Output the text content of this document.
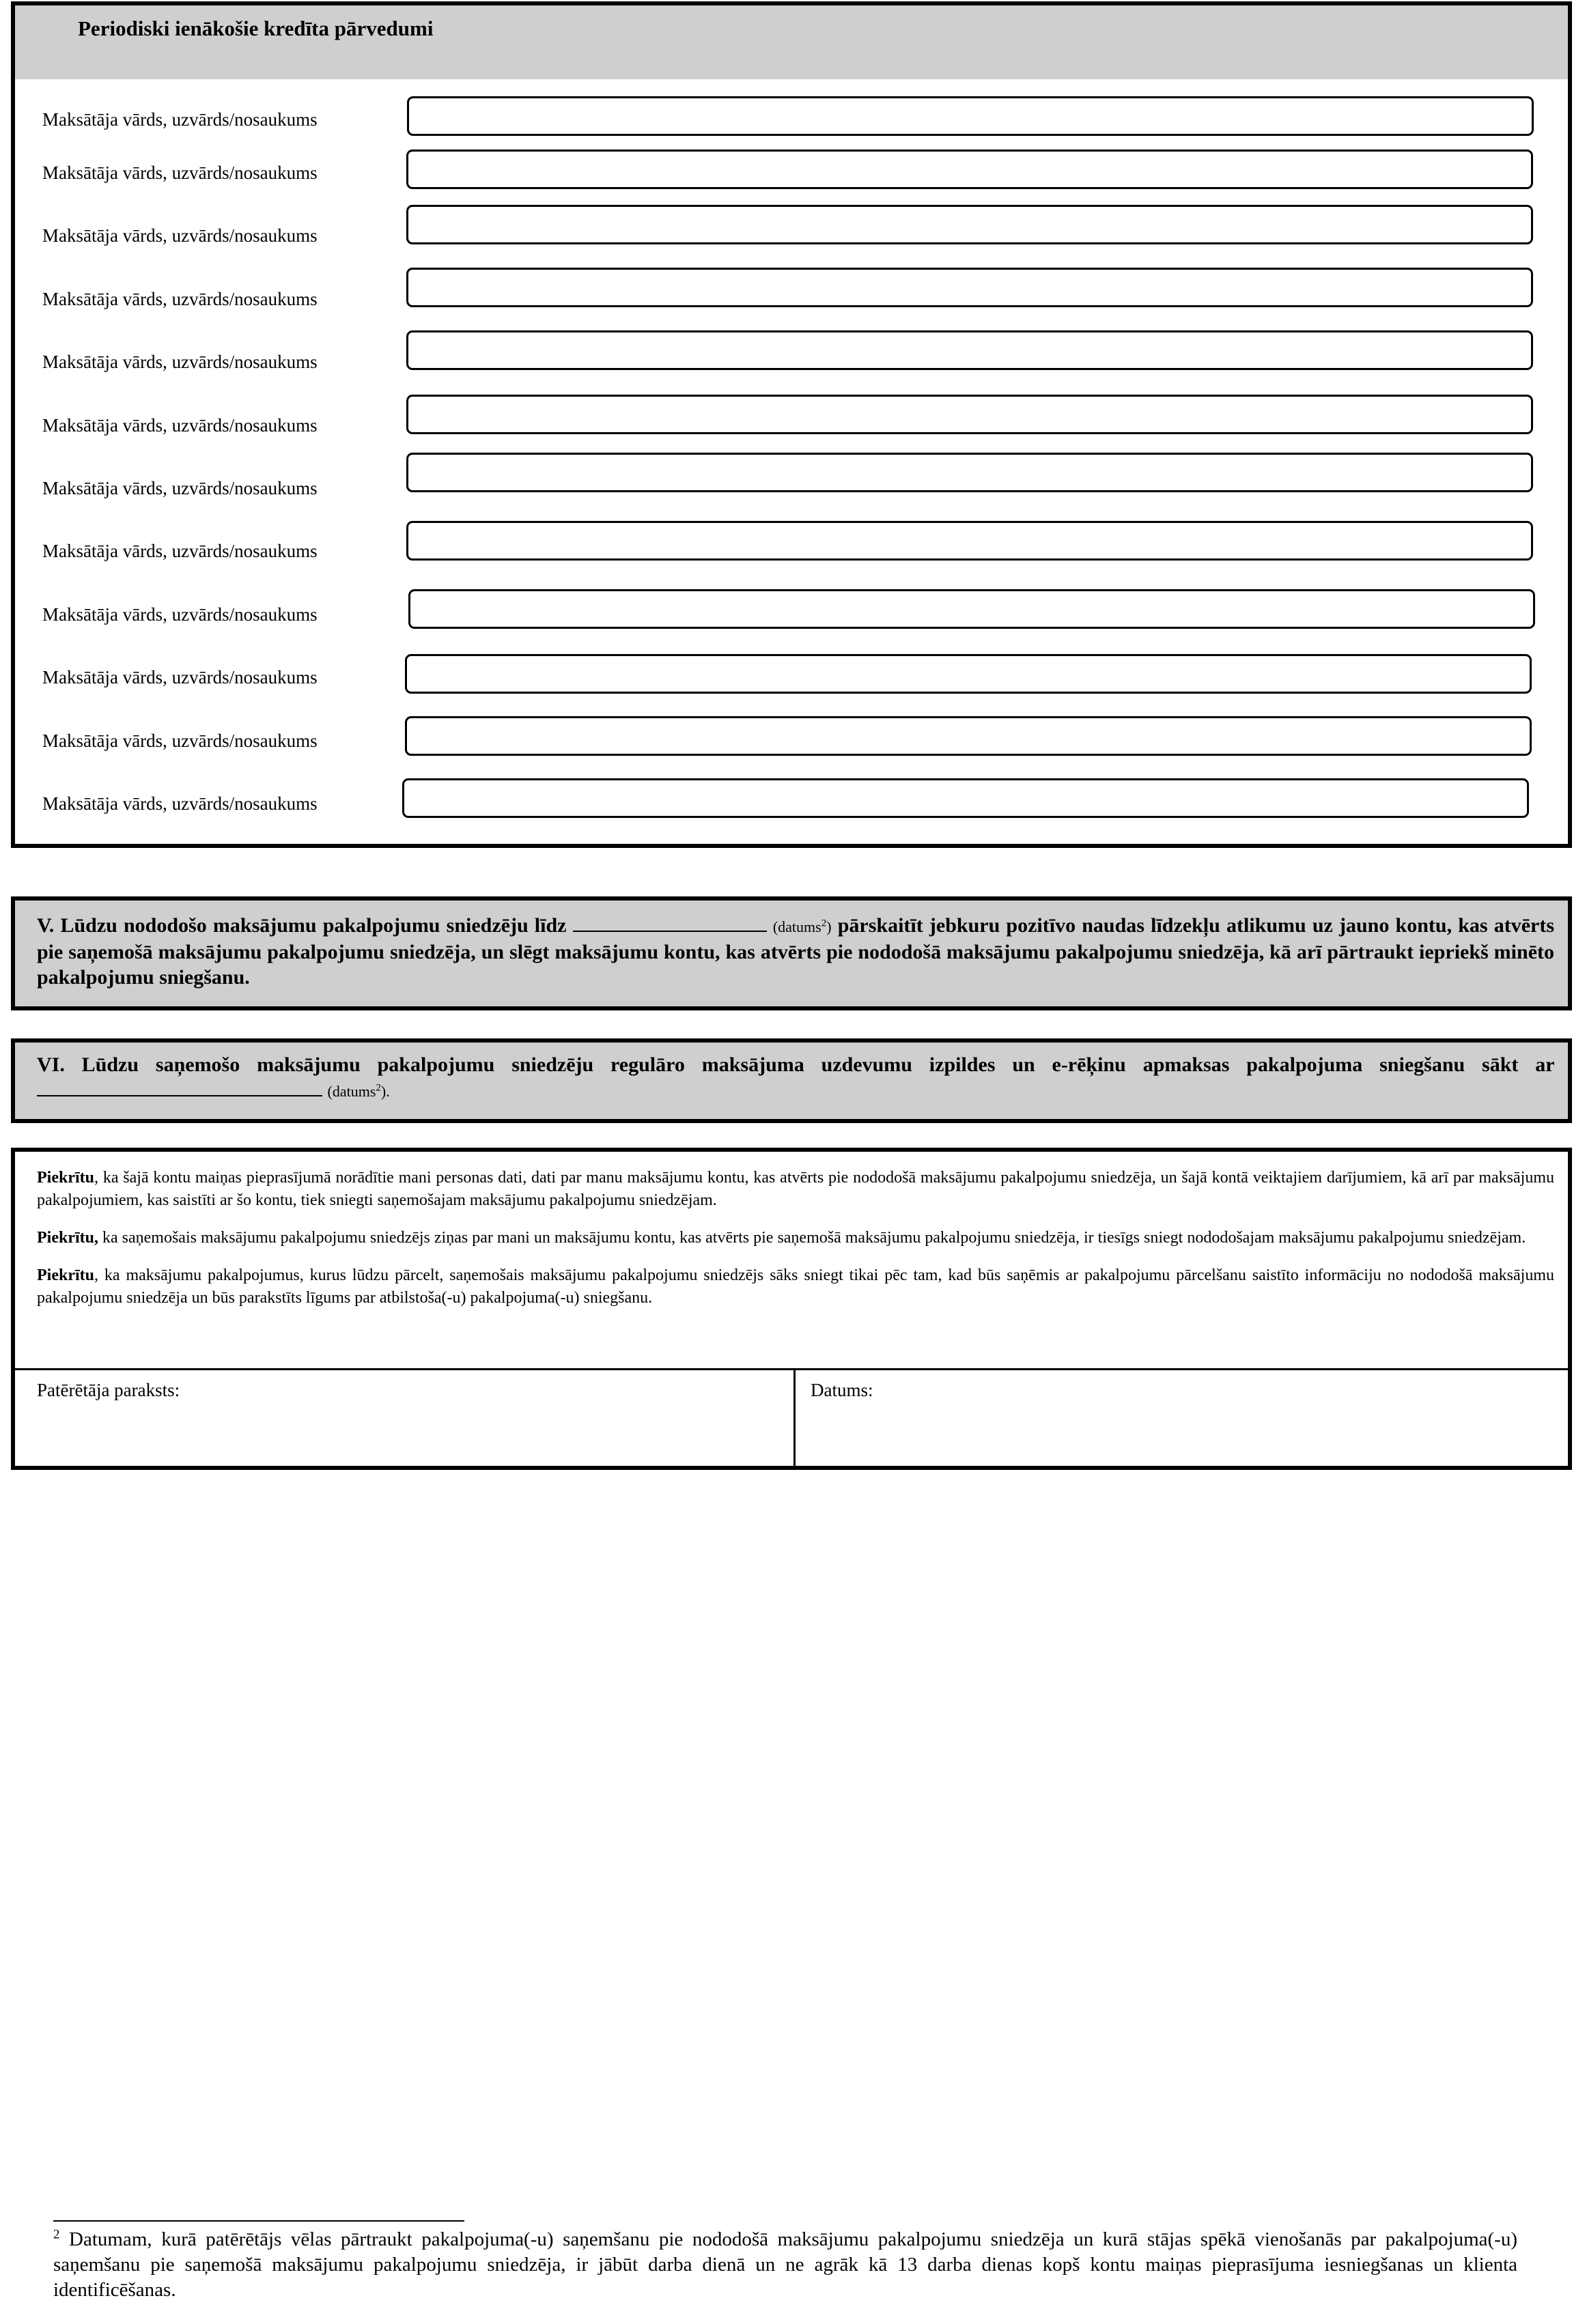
Periodiski ienākošie kredīta pārvedumi
Maksātāja vārds, uzvārds/nosaukums
Maksātāja vārds, uzvārds/nosaukums
Maksātāja vārds, uzvārds/nosaukums
Maksātāja vārds, uzvārds/nosaukums
Maksātāja vārds, uzvārds/nosaukums
Maksātāja vārds, uzvārds/nosaukums
Maksātāja vārds, uzvārds/nosaukums
Maksātāja vārds, uzvārds/nosaukums
Maksātāja vārds, uzvārds/nosaukums
Maksātāja vārds, uzvārds/nosaukums
Maksātāja vārds, uzvārds/nosaukums
Maksātāja vārds, uzvārds/nosaukums
V. Lūdzu nododošo maksājumu pakalpojumu sniedzēju līdz	(datums$^2$) pārskaitīt jebkuru pozitīvo naudas līdzekļu atlikumu uz jauno kontu, kas atvērts pie saņemošā maksājumu pakalpojumu sniedzēja, un slēgt maksājumu kontu, kas atvērts pie nododošā maksājumu pakalpojumu sniedzēja, kā arī pārtraukt iepriekš minēto pakalpojumu sniegšanu.
VI. Lūdzu saņemošo maksājumu pakalpojumu sniedzēju regulāro maksājuma uzdevumu izpildes un e-rēķinu apmaksas pakalpojuma sniegšanu sākt ar  (datums$^2$).

Piekrītu, ka šajā kontu maiņas pieprasījumā norādītie mani personas dati, dati par manu maksājumu kontu, kas atvērts pie nododošā maksājumu pakalpojumu sniedzēja, un šajā kontā veiktajiem darījumiem, kā arī par maksājumu pakalpojumiem, kas saistīti ar šo kontu, tiek sniegti saņemošajam maksājumu pakalpojumu sniedzējam.

Piekrītu, ka saņemošais maksājumu pakalpojumu sniedzējs ziņas par mani un maksājumu kontu, kas atvērts pie saņemošā maksājumu pakalpojumu sniedzēja, ir tiesīgs sniegt nododošajam maksājumu pakalpojumu sniedzējam.

Piekrītu, ka maksājumu pakalpojumus, kurus lūdzu pārcelt, saņemošais maksājumu pakalpojumu sniedzējs sāks sniegt tikai pēc tam, kad būs saņēmis ar pakalpojumu pārcelšanu saistīto informāciju no nododošā maksājumu pakalpojumu sniedzēja un būs parakstīts līgums par atbilstoša(-u) pakalpojuma(-u) sniegšanu.

Patērētāja paraksts:	Datums:
$^2$ Datumam, kurā patērētājs vēlas pārtraukt pakalpojuma(-u) saņemšanu pie nododošā maksājumu pakalpojumu sniedzēja un kurā stājas spēkā vienošanās par pakalpojuma(-u) saņemšanu pie saņemošā maksājumu pakalpojumu sniedzēja, ir jābūt darba dienā un ne agrāk kā 13 darba dienas kopš kontu maiņas pieprasījuma iesniegšanas un klienta identificēšanas.
